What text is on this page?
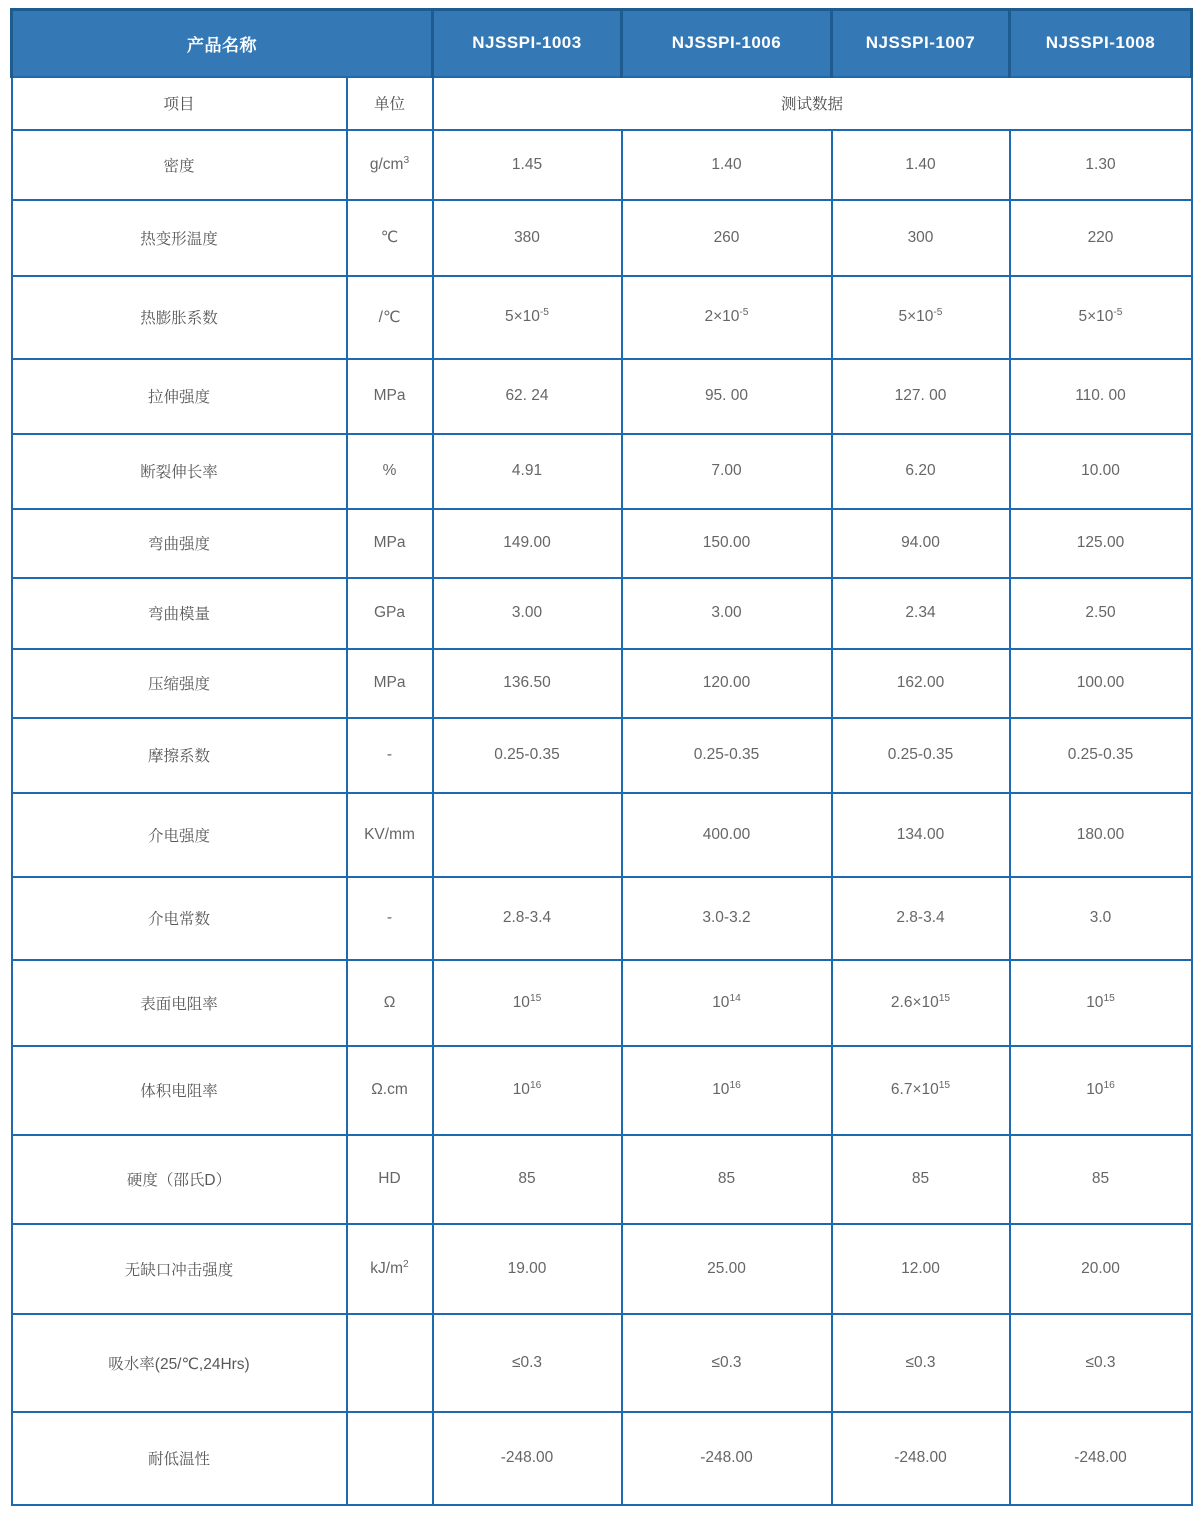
产品名称		NJSSPI-1003	NJSSPI-1006	NJSSPI-1007	NJSSPI-1008
项目	单位	测试数据			
密度	$g/cm^3$	1.45	1.40	1.40	1.30
热变形温度	℃	380	260	300	220
热膨胀系数	/℃	$5\times 10^{-5}$	$2\times 10^{-5}$	$5\times 10^{-5}$	$5\times 10^{-5}$
拉伸强度	MPa	62. 24	95. 00	127. 00	110. 00
断裂伸长率	%	4.91	7.00	6.20	10.00
弯曲强度	MPa	149.00	150.00	94.00	125.00
弯曲模量	GPa	3.00	3.00	2.34	2.50
压缩强度	MPa	136.50	120.00	162.00	100.00
摩擦系数	-	0.25-0.35	0.25-0.35	0.25-0.35	0.25-0.35
介电强度	KV/mm		400.00	134.00	180.00
介电常数	-	2.8-3.4	3.0-3.2	2.8-3.4	3.0
表面电阻率	Ω	$10^{15}$	$10^{14}$	$2.6\times 10^{15}$	$10^{15}$
体积电阻率	Ω.cm	$10^{16}$	$10^{16}$	$6.7\times 10^{15}$	$10^{16}$
硬度（邵氏D）	HD	85	85	85	85
无缺口冲击强度	$kJ/m^2$	19.00	25.00	12.00	20.00
吸水率(25/℃,24Hrs)		≤0.3	≤0.3	≤0.3	≤0.3
耐低温性		-248.00	-248.00	-248.00	-248.00
